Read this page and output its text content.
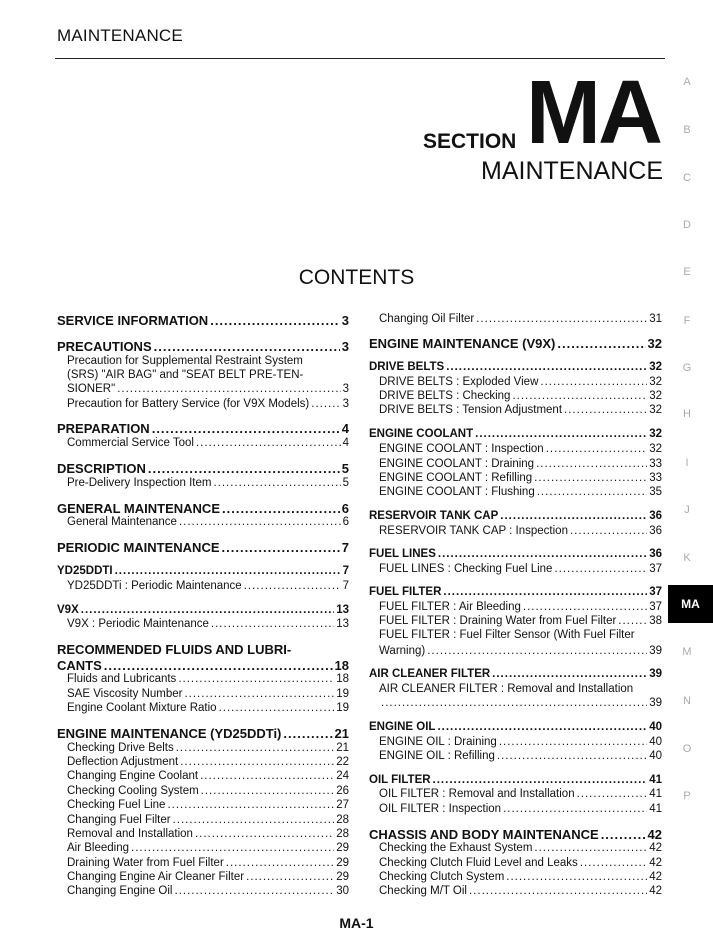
MAINTENANCE
SECTION MA
MAINTENANCE
CONTENTS
A
B
C
D
E
F
G
H
I
J
K
MA
M
N
O
P
SERVICE INFORMATION .....	3
PRECAUTIONS .....	3
Precaution for Supplemental Restraint System
(SRS) "AIR BAG" and "SEAT BELT PRE-TEN-
SIONER" .....	3
Precaution for Battery Service (for V9X Models) .....	3
PREPARATION .....	4
Commercial Service Tool .....	4
DESCRIPTION .....	5
Pre-Delivery Inspection Item .....	5
GENERAL MAINTENANCE .....	6
General Maintenance .....	6
PERIODIC MAINTENANCE .....	7
YD25DDTI .....	7
YD25DDTi : Periodic Maintenance .....	7
V9X .....	13
V9X : Periodic Maintenance .....	13
RECOMMENDED FLUIDS AND LUBRI-
CANTS .....	18
Fluids and Lubricants .....	18
SAE Viscosity Number .....	19
Engine Coolant Mixture Ratio .....	19
ENGINE MAINTENANCE (YD25DDTi) .....	21
Checking Drive Belts .....	21
Deflection Adjustment .....	22
Changing Engine Coolant .....	24
Checking Cooling System .....	26
Checking Fuel Line .....	27
Changing Fuel Filter .....	28
Removal and Installation .....	28
Air Bleeding .....	29
Draining Water from Fuel Filter .....	29
Changing Engine Air Cleaner Filter .....	29
Changing Engine Oil .....	30
Changing Oil Filter .....	31
ENGINE MAINTENANCE (V9X) .....	32
DRIVE BELTS .....	32
DRIVE BELTS : Exploded View .....	32
DRIVE BELTS : Checking .....	32
DRIVE BELTS : Tension Adjustment .....	32
ENGINE COOLANT .....	32
ENGINE COOLANT : Inspection .....	32
ENGINE COOLANT : Draining .....	33
ENGINE COOLANT : Refilling .....	33
ENGINE COOLANT : Flushing .....	35
RESERVOIR TANK CAP .....	36
RESERVOIR TANK CAP : Inspection .....	36
FUEL LINES .....	36
FUEL LINES : Checking Fuel Line .....	37
FUEL FILTER .....	37
FUEL FILTER : Air Bleeding .....	37
FUEL FILTER : Draining Water from Fuel Filter .....	38
FUEL FILTER : Fuel Filter Sensor (With Fuel Filter
Warning) .....	39
AIR CLEANER FILTER .....	39
AIR CLEANER FILTER : Removal and Installation
.....
39
ENGINE OIL .....	40
ENGINE OIL : Draining .....	40
ENGINE OIL : Refilling .....	40
OIL FILTER .....	41
OIL FILTER : Removal and Installation .....	41
OIL FILTER : Inspection .....	41
CHASSIS AND BODY MAINTENANCE .....	42
Checking the Exhaust System .....	42
Checking Clutch Fluid Level and Leaks .....	42
Checking Clutch System .....	42
Checking M/T Oil .....	42
MA-1
